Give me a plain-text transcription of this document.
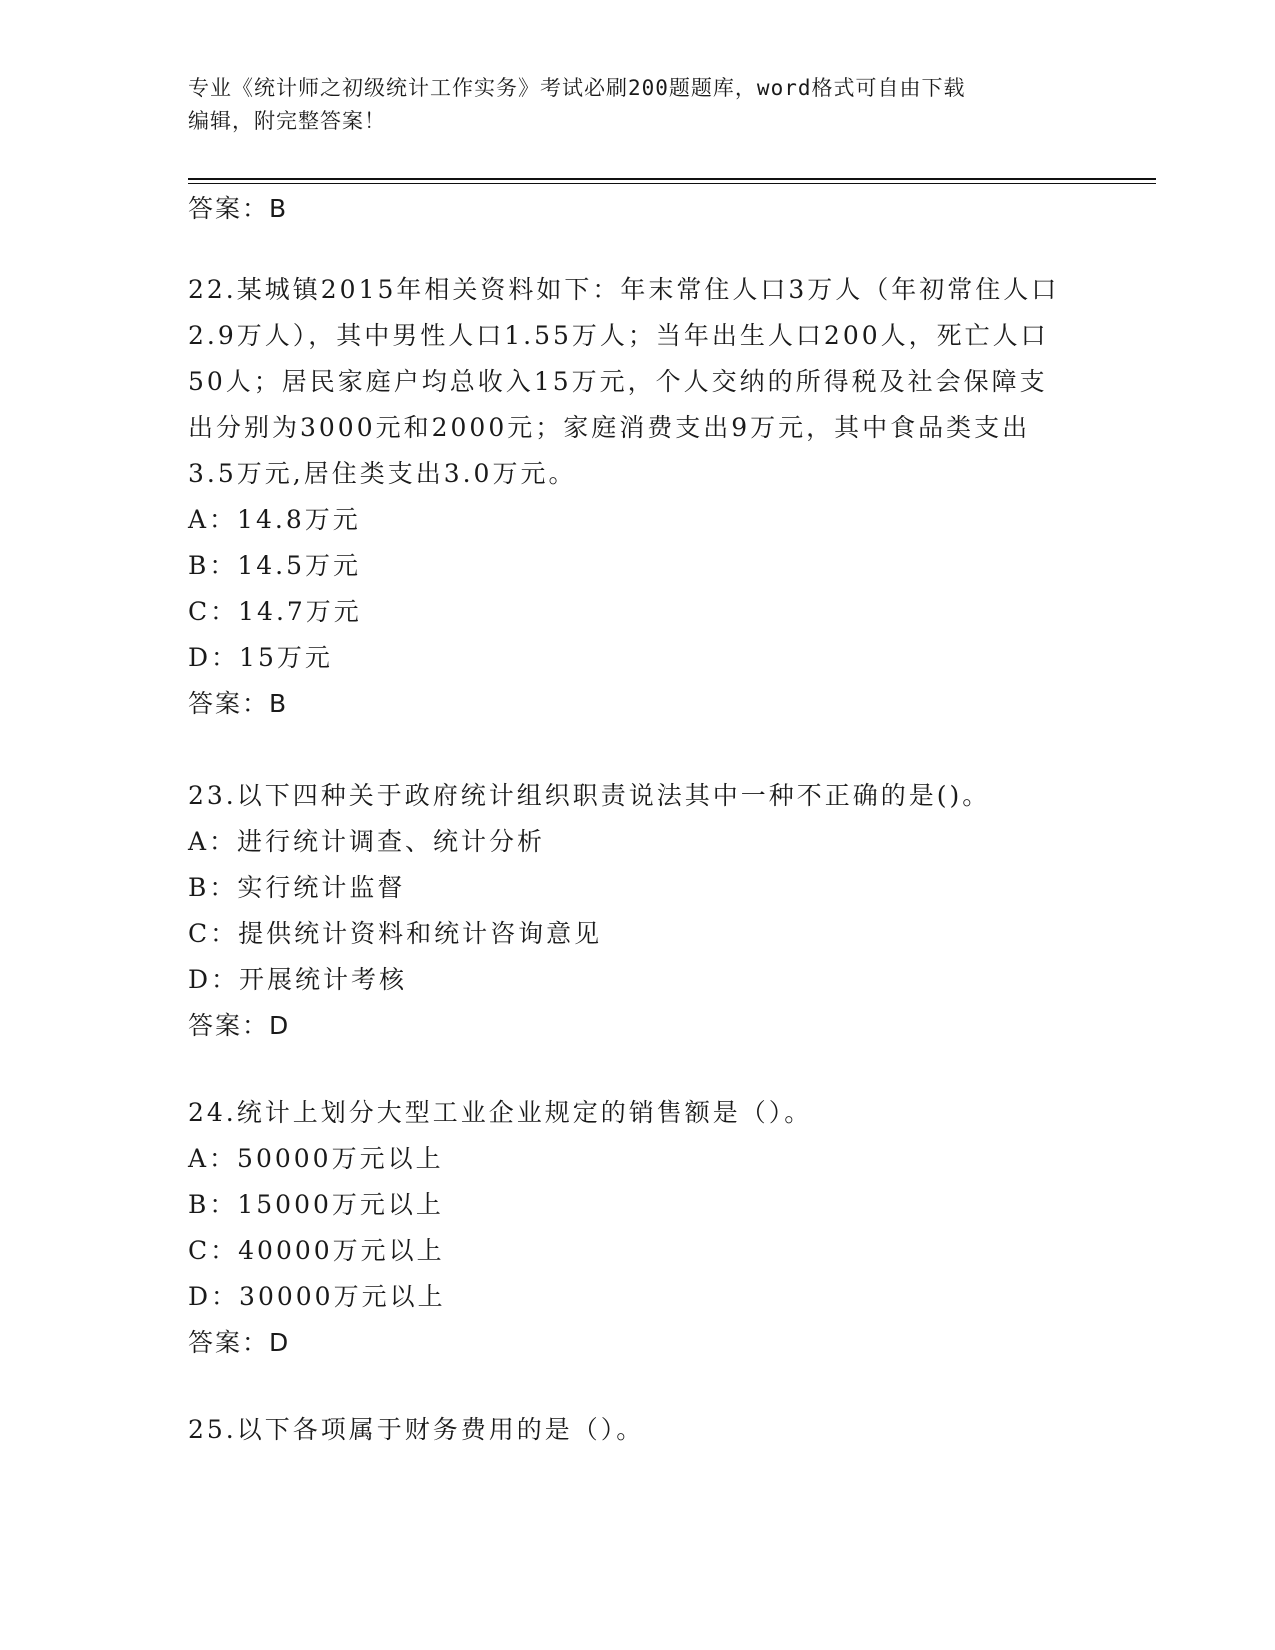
专业《统计师之初级统计工作实务》考试必刷200题题库，word格式可自由下载
编辑，附完整答案！
答案：B

22.某城镇2015年相关资料如下：年末常住人口3万人（年初常住人口2.9万人），其中男性人口1.55万人；当年出生人口200人，死亡人口50人；居民家庭户均总收入15万元，个人交纳的所得税及社会保障支出分别为3000元和2000元；家庭消费支出9万元，其中食品类支出3.5万元,居住类支出3.0万元。

A：14.8万元

B：14.5万元

C：14.7万元

D：15万元

答案：B

23.以下四种关于政府统计组织职责说法其中一种不正确的是()。

A：进行统计调查、统计分析

B：实行统计监督

C：提供统计资料和统计咨询意见

D：开展统计考核

答案：D

24.统计上划分大型工业企业规定的销售额是（）。

A：50000万元以上

B：15000万元以上

C：40000万元以上

D：30000万元以上

答案：D

25.以下各项属于财务费用的是（）。
